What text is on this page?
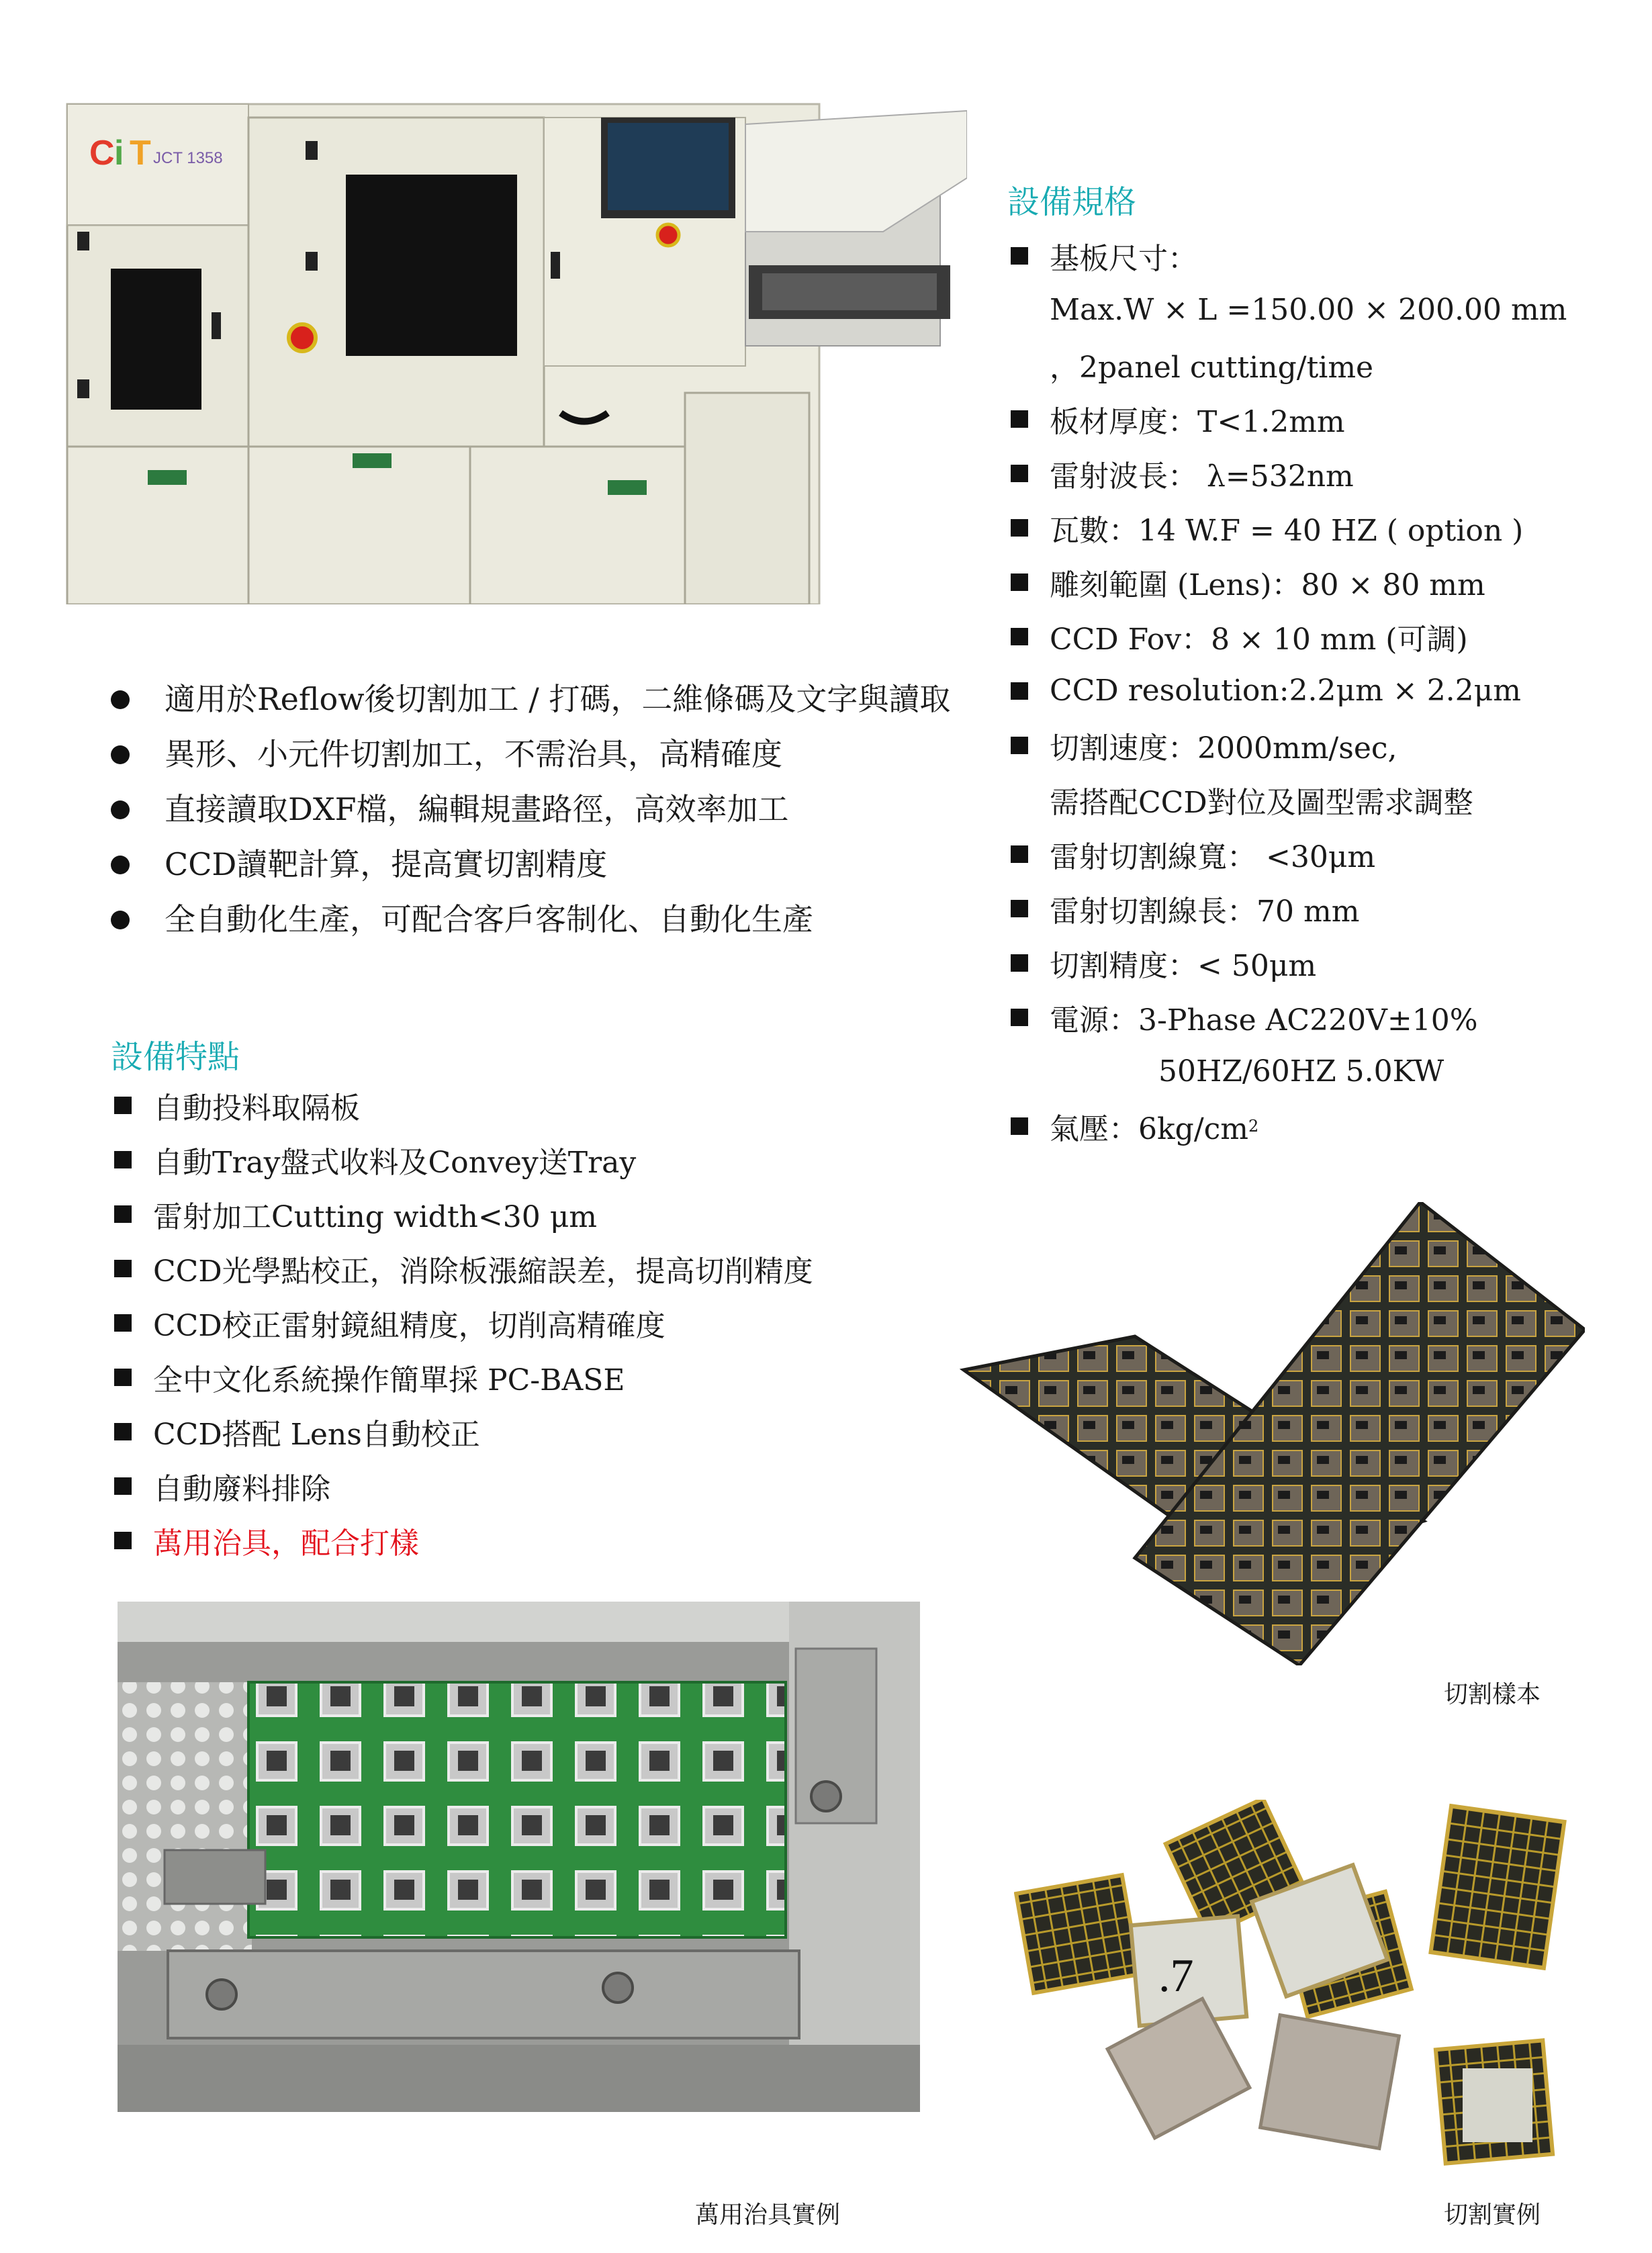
C i T JCT 1358
適用於Reflow後切割加工 / 打碼，二維條碼及文字與讀取
異形、小元件切割加工，不需治具，高精確度
直接讀取DXF檔，編輯規畫路徑，高效率加工
CCD讀靶計算，提高實切割精度
全自動化生產，可配合客戶客制化、自動化生產
設備特點
自動投料取隔板
自動Tray盤式收料及Convey送Tray
雷射加工Cutting width<30 μm
CCD光學點校正，消除板漲縮誤差，提高切削精度
CCD校正雷射鏡組精度，切削高精確度
全中文化系統操作簡單採 PC-BASE
CCD搭配 Lens自動校正
自動廢料排除
萬用治具，配合打樣
設備規格
基板尺寸：
Max.W × L =150.00 × 200.00 mm
，2panel cutting/time
板材厚度：T<1.2mm
雷射波長： λ=532nm
瓦數：14 W.F = 40 HZ ( option )
雕刻範圍 (Lens)：80 × 80 mm
CCD Fov：8 × 10 mm (可調)
CCD resolution:2.2μm × 2.2μm
切割速度：2000mm/sec,
需搭配CCD對位及圖型需求調整
雷射切割線寬： <30μm
雷射切割線長：70 mm
切割精度：< 50μm
電源：3-Phase AC220V±10%
50HZ/60HZ 5.0KW
氣壓：6kg/cm 2
切割樣本
萬用治具實例
.7
切割實例
